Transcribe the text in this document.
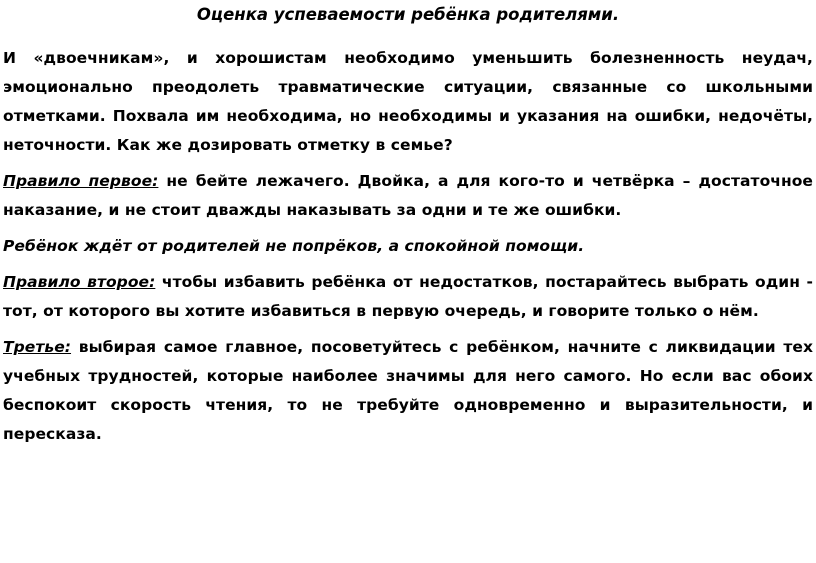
Оценка успеваемости ребёнка родителями.

И «двоечникам», и хорошистам необходимо уменьшить болезненность неудач, эмоционально преодолеть травматические ситуации, связанные со школьными отметками. Похвала им необходима, но необходимы и указания на ошибки, недочёты, неточности. Как же дозировать отметку в семье?

Правило первое: не бейте лежачего. Двойка, а для кого-то и четвёрка – достаточное наказание, и не стоит дважды наказывать за одни и те же ошибки.

Ребёнок ждёт от родителей не попрёков, а спокойной помощи.

Правило второе: чтобы избавить ребёнка от недостатков, постарайтесь выбрать один - тот, от которого вы хотите избавиться в первую очередь, и говорите только о нём.

Третье: выбирая самое главное, посоветуйтесь с ребёнком, начните с ликвидации тех учебных трудностей, которые наиболее значимы для него самого. Но если вас обоих беспокоит скорость чтения, то не требуйте одновременно и выразительности, и пересказа.
